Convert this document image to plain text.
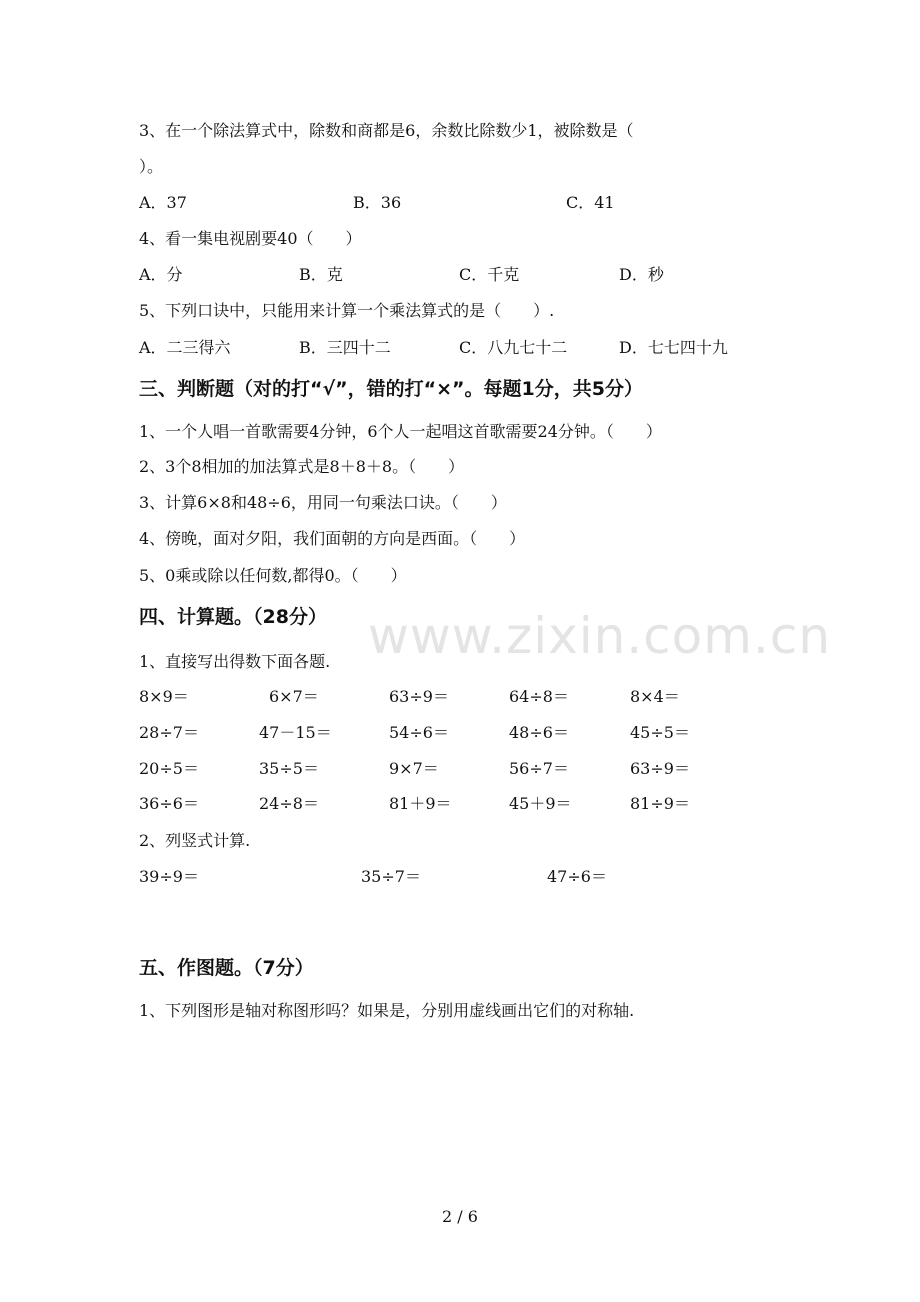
3、在一个除法算式中，除数和商都是6，余数比除数少1，被除数是（
）。
A．37	B．36	C．41
4、看一集电视剧要40（　　）
A．分	B．克	C．千克	D．秒
5、下列口诀中，只能用来计算一个乘法算式的是（　　）.
A．二三得六	B．三四十二	C．八九七十二	D．七七四十九
三、判断题（对的打“√”，错的打“×”。每题1分，共5分）
1、一个人唱一首歌需要4分钟，6个人一起唱这首歌需要24分钟。（　　）
2、3个8相加的加法算式是8＋8＋8。（　　）
3、计算6×8和48÷6，用同一句乘法口诀。（　　）
4、傍晚，面对夕阳，我们面朝的方向是西面。（　　）
5、0乘或除以任何数,都得0。（　　）
四、计算题。（28分）
1、直接写出得数下面各题.
8×9＝	6×7＝	63÷9＝	64÷8＝	8×4＝
28÷7＝	47－15＝	54÷6＝	48÷6＝	45÷5＝
20÷5＝	35÷5＝	9×7＝	56÷7＝	63÷9＝
36÷6＝	24÷8＝	81＋9＝	45＋9＝	81÷9＝
2、列竖式计算.
39÷9＝	35÷7＝	47÷6＝
五、作图题。（7分）
1、下列图形是轴对称图形吗？如果是，分别用虚线画出它们的对称轴.
www.zixin.com.cn
2 / 6
